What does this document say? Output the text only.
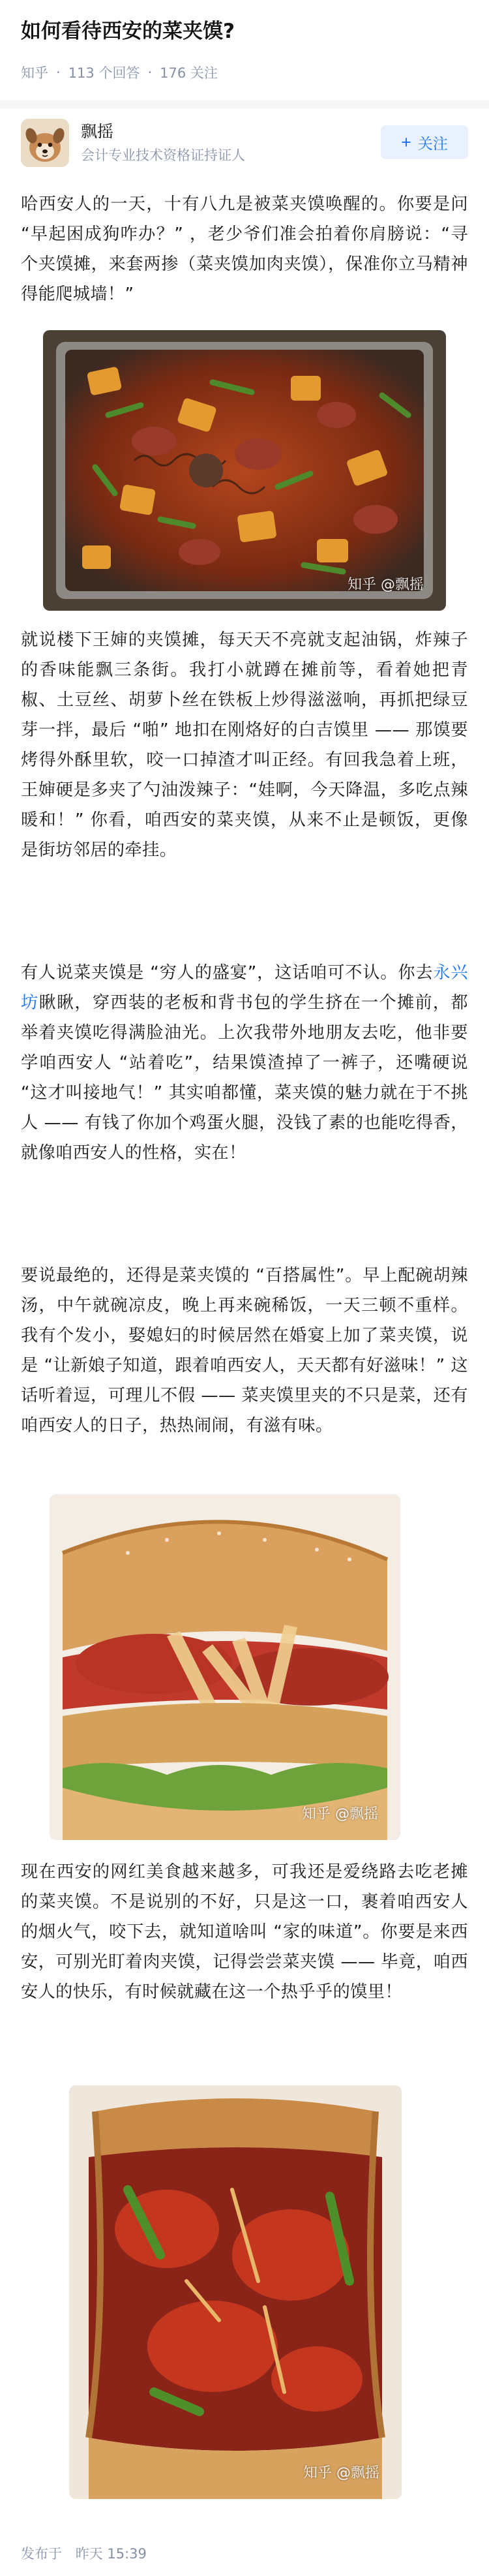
如何看待西安的菜夹馍?
知乎 · 113 个回答 · 176 关注
飘摇
会计专业技术资格证持证人
+ 关注

哈西安人的一天，十有八九是被菜夹馍唤醒的。你要是问 “早起困成狗咋办？” ，老少爷们准会拍着你肩膀说：“寻个夹馍摊，来套两掺（菜夹馍加肉夹馍），保准你立马精神得能爬城墙！”

知乎 @飘摇

就说楼下王婶的夹馍摊，每天天不亮就支起油锅，炸辣子的香味能飘三条街。我打小就蹲在摊前等，看着她把青椒、土豆丝、胡萝卜丝在铁板上炒得滋滋响，再抓把绿豆芽一拌，最后 “啪” 地扣在刚烙好的白吉馍里 —— 那馍要烤得外酥里软，咬一口掉渣才叫正经。有回我急着上班，王婶硬是多夹了勺油泼辣子：“娃啊，今天降温，多吃点辣暖和！” 你看，咱西安的菜夹馍，从来不止是顿饭，更像是街坊邻居的牵挂。

有人说菜夹馍是 “穷人的盛宴”，这话咱可不认。你去永兴坊瞅瞅，穿西装的老板和背书包的学生挤在一个摊前，都举着夹馍吃得满脸油光。上次我带外地朋友去吃，他非要学咱西安人 “站着吃”，结果馍渣掉了一裤子，还嘴硬说 “这才叫接地气！” 其实咱都懂，菜夹馍的魅力就在于不挑人 —— 有钱了你加个鸡蛋火腿，没钱了素的也能吃得香，就像咱西安人的性格，实在！

要说最绝的，还得是菜夹馍的 “百搭属性”。早上配碗胡辣汤，中午就碗凉皮，晚上再来碗稀饭，一天三顿不重样。我有个发小，娶媳妇的时候居然在婚宴上加了菜夹馍，说是 “让新娘子知道，跟着咱西安人，天天都有好滋味！” 这话听着逗，可理儿不假 —— 菜夹馍里夹的不只是菜，还有咱西安人的日子，热热闹闹，有滋有味。

知乎 @飘摇

现在西安的网红美食越来越多，可我还是爱绕路去吃老摊的菜夹馍。不是说别的不好，只是这一口，裹着咱西安人的烟火气，咬下去，就知道啥叫 “家的味道”。你要是来西安，可别光盯着肉夹馍，记得尝尝菜夹馍 —— 毕竟，咱西安人的快乐，有时候就藏在这一个热乎乎的馍里！

知乎 @飘摇
发布于 昨天 15:39
